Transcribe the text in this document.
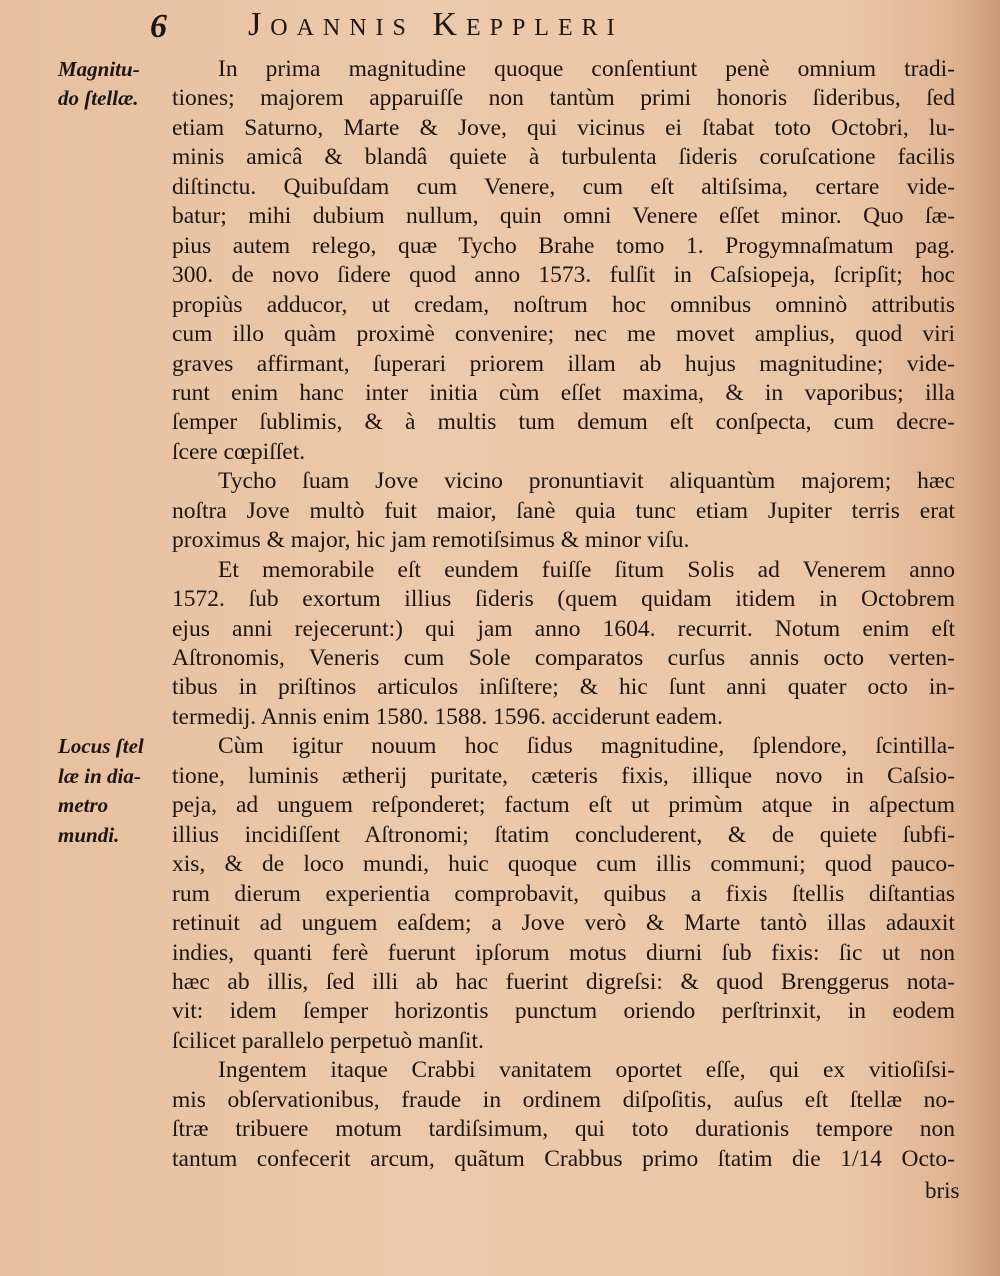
6 Joannis Keppleri
In prima magnitudine quoque conſentiunt penè omnium tradi-
tiones; majorem apparuiſſe non tantùm primi honoris ſideribus, ſed
etiam Saturno, Marte & Jove, qui vicinus ei ſtabat toto Octobri, lu-
minis amicâ & blandâ quiete à turbulenta ſideris coruſcatione facilis
diſtinctu. Quibuſdam cum Venere, cum eſt altiſsima, certare vide-
batur; mihi dubium nullum, quin omni Venere eſſet minor. Quo ſæ-
pius autem relego, quæ Tycho Brahe tomo 1. Progymnaſmatum pag.
300. de novo ſidere quod anno 1573. fulſit in Caſsiopeja, ſcripſit; hoc
propiùs adducor, ut credam, noſtrum hoc omnibus omninò attributis
cum illo quàm proximè convenire; nec me movet amplius, quod viri
graves affirmant, ſuperari priorem illam ab hujus magnitudine; vide-
runt enim hanc inter initia cùm eſſet maxima, & in vaporibus; illa
ſemper ſublimis, & à multis tum demum eſt conſpecta, cum decre-
ſcere cœpiſſet.
Tycho ſuam Jove vicino pronuntiavit aliquantùm majorem; hæc
noſtra Jove multò fuit maior, ſanè quia tunc etiam Jupiter terris erat
proximus & major, hic jam remotiſsimus & minor viſu.
Et memorabile eſt eundem fuiſſe ſitum Solis ad Venerem anno
1572. ſub exortum illius ſideris (quem quidam itidem in Octobrem
ejus anni rejecerunt:) qui jam anno 1604. recurrit. Notum enim eſt
Aſtronomis, Veneris cum Sole comparatos curſus annis octo verten-
tibus in priſtinos articulos inſiſtere; & hic ſunt anni quater octo in-
termedij. Annis enim 1580. 1588. 1596. acciderunt eadem.
Cùm igitur nouum hoc ſidus magnitudine, ſplendore, ſcintilla-
tione, luminis ætherij puritate, cæteris fixis, illique novo in Caſsio-
peja, ad unguem reſponderet; factum eſt ut primùm atque in aſpectum
illius incidiſſent Aſtronomi; ſtatim concluderent, & de quiete ſubfi-
xis, & de loco mundi, huic quoque cum illis communi; quod pauco-
rum dierum experientia comprobavit, quibus a fixis ſtellis diſtantias
retinuit ad unguem eaſdem; a Jove verò & Marte tantò illas adauxit
indies, quanti ferè fuerunt ipſorum motus diurni ſub fixis: ſic ut non
hæc ab illis, ſed illi ab hac fuerint digreſsi: & quod Brenggerus nota-
vit: idem ſemper horizontis punctum oriendo perſtrinxit, in eodem
ſcilicet parallelo perpetuò manſit.
Ingentem itaque Crabbi vanitatem oportet eſſe, qui ex vitioſiſsi-
mis obſervationibus, fraude in ordinem diſpoſitis, auſus eſt ſtellæ no-
ſtræ tribuere motum tardiſsimum, qui toto durationis tempore non
tantum confecerit arcum, quãtum Crabbus primo ſtatim die 1/14 Octo-
Magnitu-
do ſtellæ.
Locus ſtel
læ in dia-
metro
mundi.
bris
